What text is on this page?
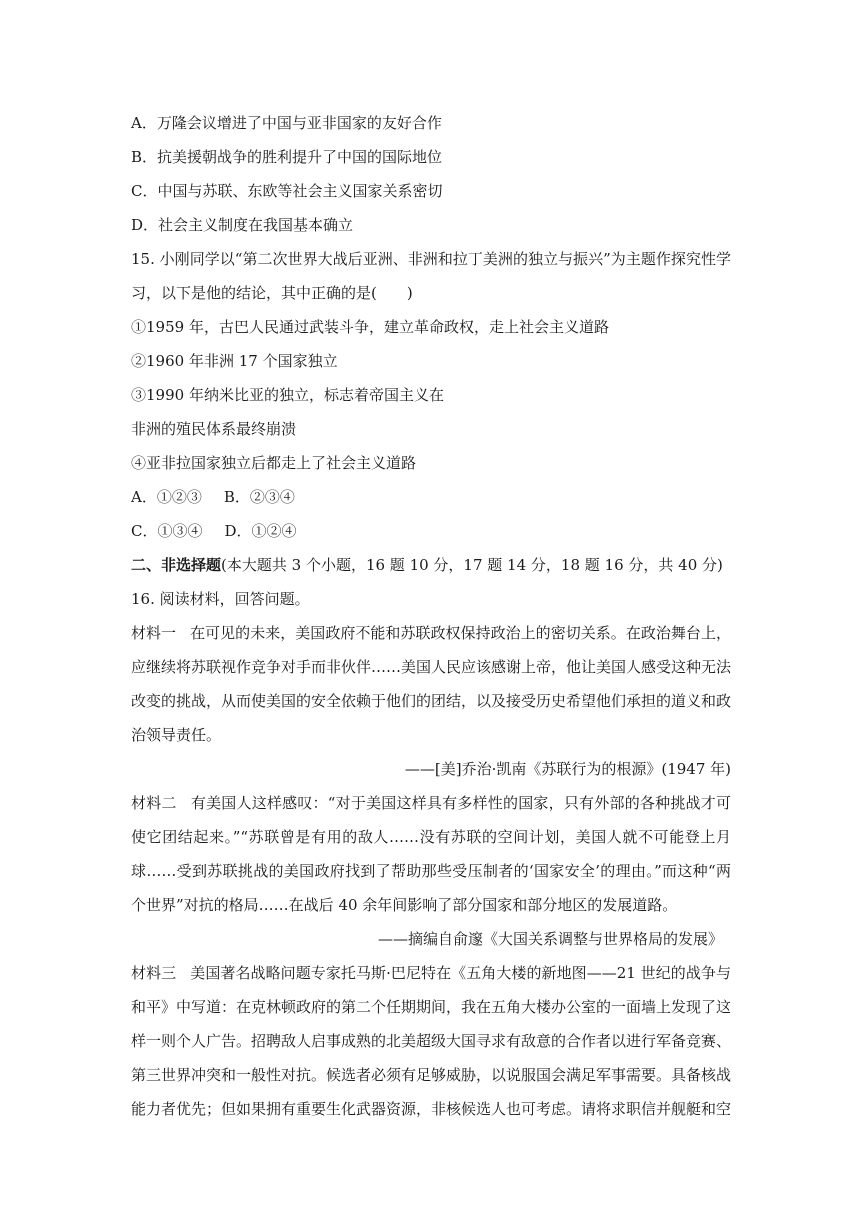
A．万隆会议增进了中国与亚非国家的友好合作
B．抗美援朝战争的胜利提升了中国的国际地位
C．中国与苏联、东欧等社会主义国家关系密切
D．社会主义制度在我国基本确立
15. 小刚同学以“第二次世界大战后亚洲、非洲和拉丁美洲的独立与振兴”为主题作探究性学
习，以下是他的结论，其中正确的是(　　)
①1959 年，古巴人民通过武装斗争，建立革命政权，走上社会主义道路
②1960 年非洲 17 个国家独立
③1990 年纳米比亚的独立，标志着帝国主义在
非洲的殖民体系最终崩溃
④亚非拉国家独立后都走上了社会主义道路
A．①②③ B．②③④
C．①③④ D．①②④
二、非选择题(本大题共 3 个小题，16 题 10 分，17 题 14 分，18 题 16 分，共 40 分)
16. 阅读材料，回答问题。
材料一 在可见的未来，美国政府不能和苏联政权保持政治上的密切关系。在政治舞台上，
应继续将苏联视作竞争对手而非伙伴……美国人民应该感谢上帝，他让美国人感受这种无法
改变的挑战，从而使美国的安全依赖于他们的团结，以及接受历史希望他们承担的道义和政
治领导责任。
——[美]乔治·凯南《苏联行为的根源》(1947 年)
材料二 有美国人这样感叹：“对于美国这样具有多样性的国家，只有外部的各种挑战才可
使它团结起来。”“苏联曾是有用的敌人……没有苏联的空间计划，美国人就不可能登上月
球……受到苏联挑战的美国政府找到了帮助那些受压制者的‘国家安全’的理由。”而这种“两
个世界”对抗的格局……在战后 40 余年间影响了部分国家和部分地区的发展道路。
——摘编自俞邃《大国关系调整与世界格局的发展》
材料三 美国著名战略问题专家托马斯·巴尼特在《五角大楼的新地图——21 世纪的战争与
和平》中写道：在克林顿政府的第二个任期期间，我在五角大楼办公室的一面墙上发现了这
样一则个人广告。招聘敌人启事成熟的北美超级大国寻求有敌意的合作者以进行军备竞赛、
第三世界冲突和一般性对抗。候选者必须有足够威胁，以说服国会满足军事需要。具备核战
能力者优先；但如果拥有重要生化武器资源，非核候选人也可考虑。请将求职信并舰艇和空
